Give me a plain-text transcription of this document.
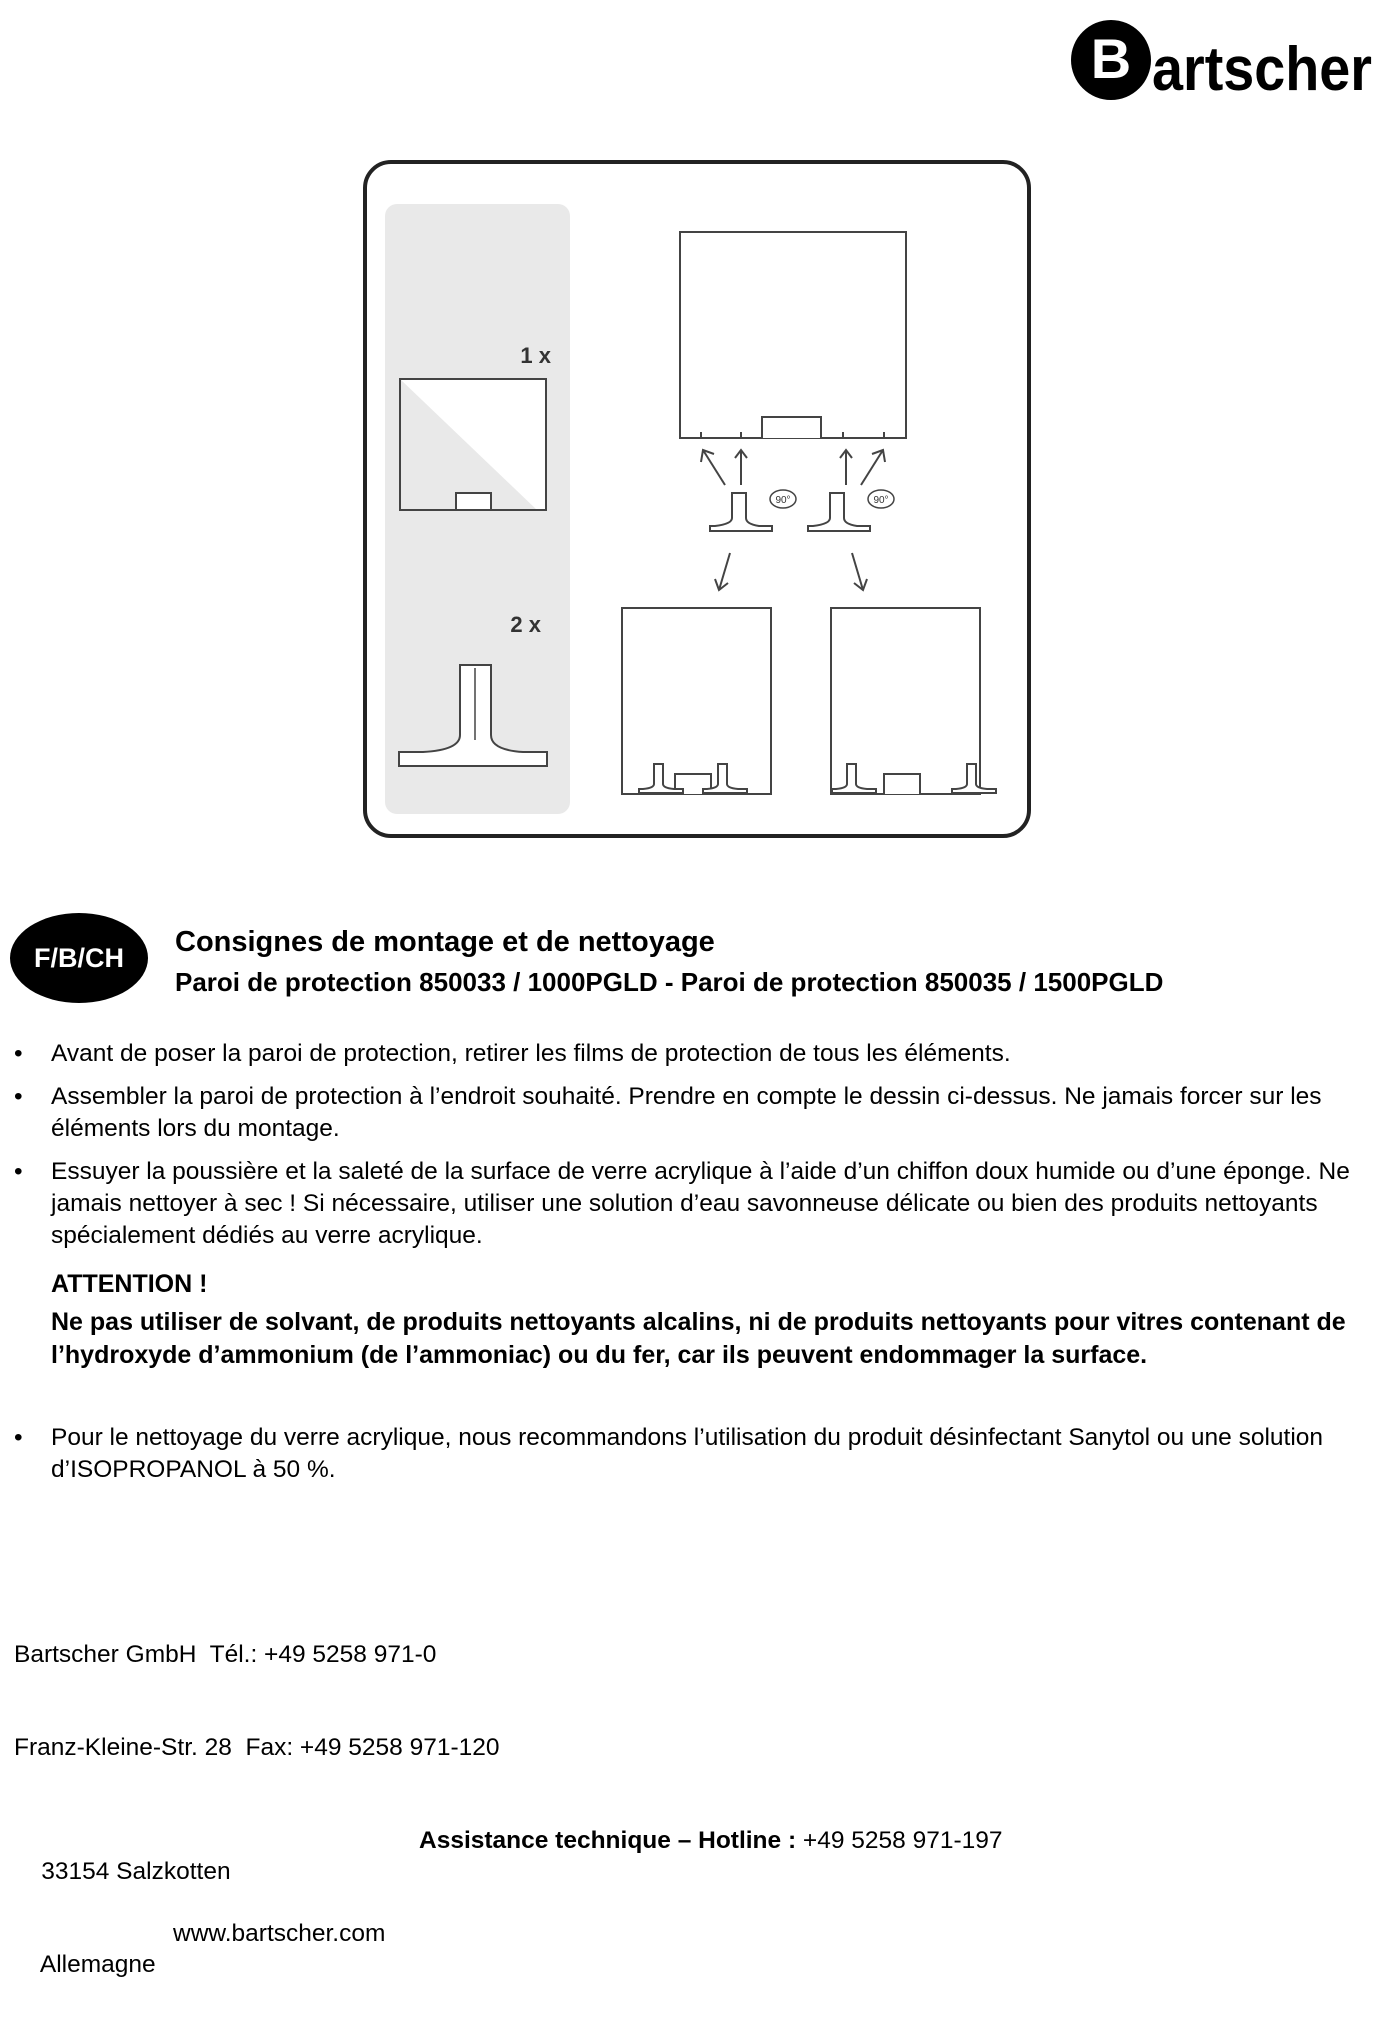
B artscher
1 x
2 x
90°	90°
F/B/CH Consignes de montage et de nettoyage
Paroi de protection 850033 / 1000PGLD - Paroi de protection 850035 / 1500PGLD
• Avant de poser la paroi de protection, retirer les films de protection de tous les éléments.
• Assembler la paroi de protection à l’endroit souhaité. Prendre en compte le dessin ci-dessus. Ne jamais forcer sur les éléments lors du montage.
• Essuyer la poussière et la saleté de la surface de verre acrylique à l’aide d’un chiffon doux humide ou d’une éponge. Ne jamais nettoyer à sec ! Si nécessaire, utiliser une solution d’eau savonneuse délicate ou bien des produits nettoyants spécialement dédiés au verre acrylique.
ATTENTION !
Ne pas utiliser de solvant, de produits nettoyants alcalins, ni de produits nettoyants pour vitres contenant de l’hydroxyde d’ammonium (de l’ammoniac) ou du fer, car ils peuvent endommager la surface.
• Pour le nettoyage du verre acrylique, nous recommandons l’utilisation du produit désinfectant Sanytol ou une solution d’ISOPROPANOL à 50 %.

Bartscher GmbH  Tél.: +49 5258 971-0

Franz-Kleine-Str. 28  Fax: +49 5258 971-120

33154 Salzkotten

Assistance technique – Hotline : +49 5258 971-197

Allemagne

www.bartscher.com
